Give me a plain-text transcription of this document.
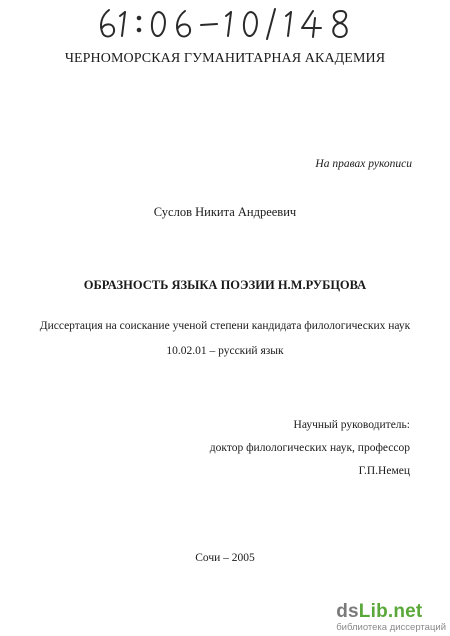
ЧЕРНОМОРСКАЯ ГУМАНИТАРНАЯ АКАДЕМИЯ
На правах рукописи
Суслов Никита Андреевич
ОБРАЗНОСТЬ ЯЗЫКА ПОЭЗИИ Н.М.РУБЦОВА
Диссертация на соискание ученой степени кандидата филологических наук
10.02.01 – русский язык
Научный руководитель:
доктор филологических наук, профессор
Г.П.Немец
Сочи – 2005
dsLib.net
библиотека диссертаций
